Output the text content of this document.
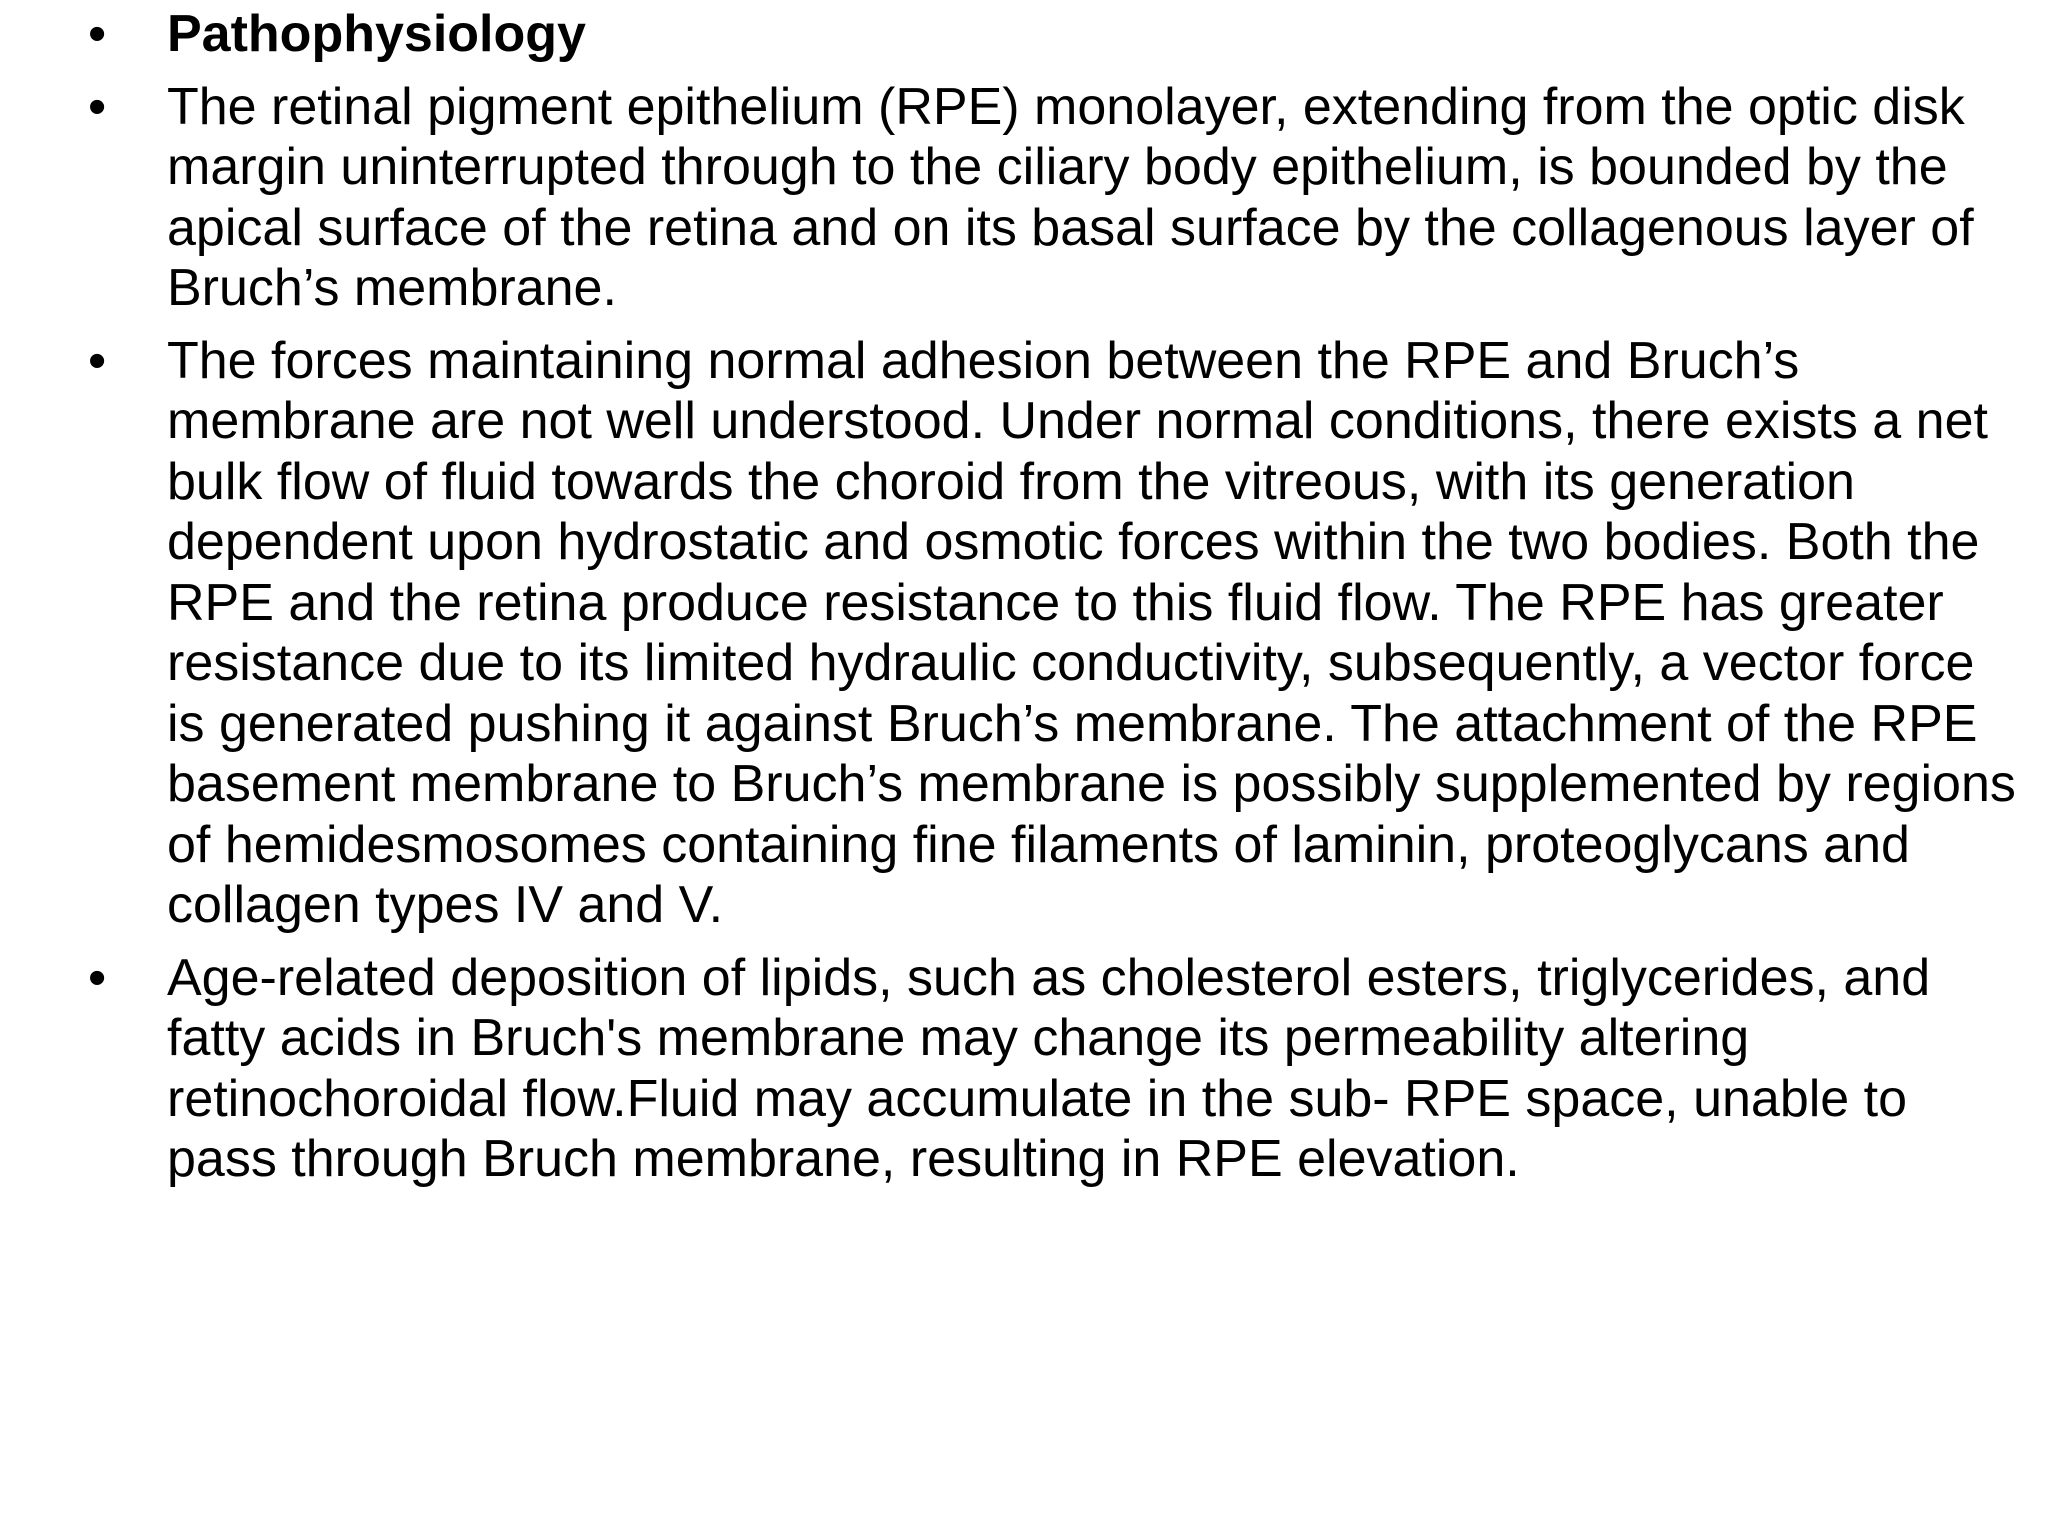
•	Pathophysiology
•	The retinal pigment epithelium (RPE) monolayer, extending from the optic disk margin uninterrupted through to the ciliary body epithelium, is bounded by the apical surface of the retina and on its basal surface by the collagenous layer of Bruch’s membrane.
•	The forces maintaining normal adhesion between the RPE and Bruch’s membrane are not well understood. Under normal conditions, there exists a net bulk flow of fluid towards the choroid from the vitreous, with its generation dependent upon hydrostatic and osmotic forces within the two bodies. Both the RPE and the retina produce resistance to this fluid flow. The RPE has greater resistance due to its limited hydraulic conductivity, subsequently, a vector force is generated pushing it against Bruch’s membrane. The attachment of the RPE basement membrane to Bruch’s membrane is possibly supplemented by regions of hemidesmosomes containing fine filaments of laminin, proteoglycans and collagen types IV and V.
•	Age-related deposition of lipids, such as cholesterol esters, triglycerides, and fatty acids in Bruch's membrane may change its permeability altering retinochoroidal flow.Fluid may accumulate in the sub- RPE space, unable to pass through Bruch membrane, resulting in RPE elevation.
